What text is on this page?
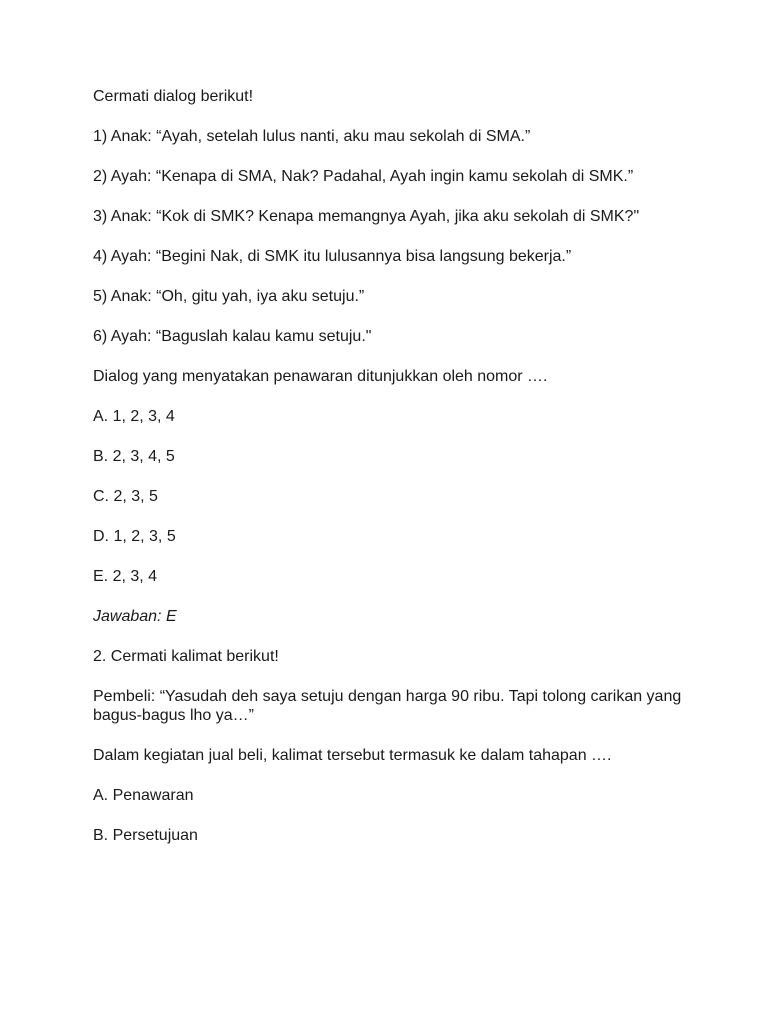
Cermati dialog berikut!

1) Anak: “Ayah, setelah lulus nanti, aku mau sekolah di SMA.”

2) Ayah: “Kenapa di SMA, Nak? Padahal, Ayah ingin kamu sekolah di SMK.”

3) Anak: “Kok di SMK? Kenapa memangnya Ayah, jika aku sekolah di SMK?"

4) Ayah: “Begini Nak, di SMK itu lulusannya bisa langsung bekerja.”

5) Anak: “Oh, gitu yah, iya aku setuju.”

6) Ayah: “Baguslah kalau kamu setuju."

Dialog yang menyatakan penawaran ditunjukkan oleh nomor ….

A. 1, 2, 3, 4

B. 2, 3, 4, 5

C. 2, 3, 5

D. 1, 2, 3, 5

E. 2, 3, 4

Jawaban: E

2. Cermati kalimat berikut!

Pembeli: “Yasudah deh saya setuju dengan harga 90 ribu. Tapi tolong carikan yang bagus-bagus lho ya…”

Dalam kegiatan jual beli, kalimat tersebut termasuk ke dalam tahapan ….

A. Penawaran

B. Persetujuan
